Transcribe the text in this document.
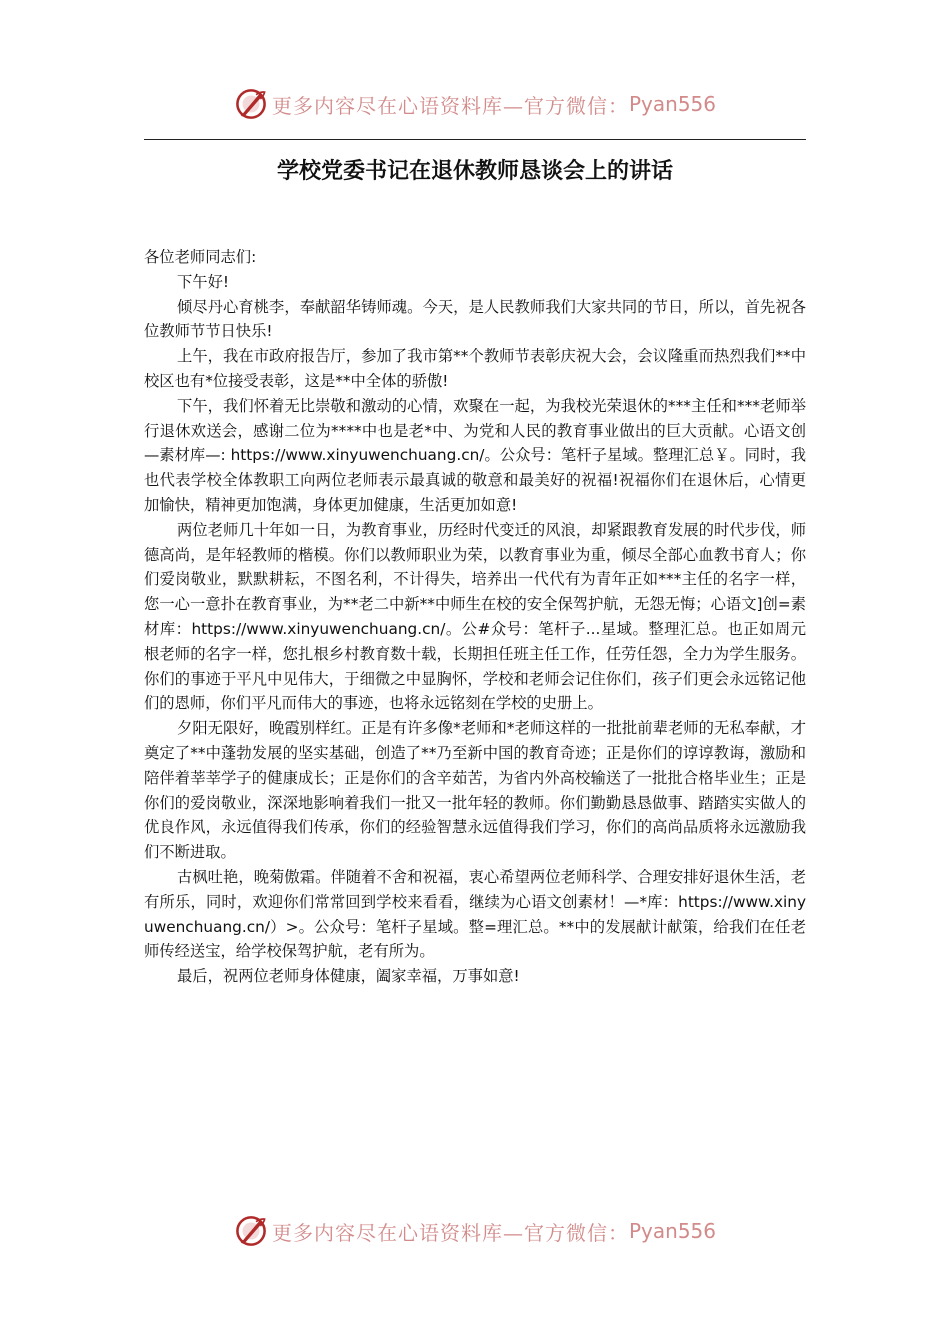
更多内容尽在心语资料库—官方微信： Pyan556
学校党委书记在退休教师恳谈会上的讲话

各位老师同志们:

下午好!

倾尽丹心育桃李，奉献韶华铸师魂。今天，是人民教师我们大家共同的节日，所以，首先祝各位教师节节日快乐!

上午，我在市政府报告厅，参加了我市第**个教师节表彰庆祝大会，会议隆重而热烈我们**中校区也有*位接受表彰，这是**中全体的骄傲!

下午，我们怀着无比崇敬和激动的心情，欢聚在一起，为我校光荣退休的***主任和***老师举行退休欢送会，感谢二位为****中也是老*中、为党和人民的教育事业做出的巨大贡献。心语文创—素材库—: https://www.xinyuwenchuang.cn/。公众号：笔杆子星域。整理汇总￥。同时，我也代表学校全体教职工向两位老师表示最真诚的敬意和最美好的祝福!祝福你们在退休后，心情更加愉快，精神更加饱满，身体更加健康，生活更加如意!

两位老师几十年如一日，为教育事业，历经时代变迁的风浪，却紧跟教育发展的时代步伐，师德高尚，是年轻教师的楷模。你们以教师职业为荣，以教育事业为重，倾尽全部心血教书育人；你们爱岗敬业，默默耕耘，不图名利，不计得失，培养出一代代有为青年正如***主任的名字一样，您一心一意扑在教育事业，为**老二中新**中师生在校的安全保驾护航，无怨无悔；心语文]创=素材库：https://www.xinyuwenchuang.cn/。公#众号：笔杆子...星域。整理汇总。也正如周元根老师的名字一样，您扎根乡村教育数十载，长期担任班主任工作，任劳任怨，全力为学生服务。你们的事迹于平凡中见伟大，于细微之中显胸怀，学校和老师会记住你们，孩子们更会永远铭记他们的恩师，你们平凡而伟大的事迹，也将永远铭刻在学校的史册上。

夕阳无限好，晚霞别样红。正是有许多像*老师和*老师这样的一批批前辈老师的无私奉献，才奠定了**中蓬勃发展的坚实基础，创造了**乃至新中国的教育奇迹；正是你们的谆谆教诲，激励和陪伴着莘莘学子的健康成长；正是你们的含辛茹苦，为省内外高校输送了一批批合格毕业生；正是你们的爱岗敬业，深深地影响着我们一批又一批年轻的教师。你们勤勤恳恳做事、踏踏实实做人的优良作风，永远值得我们传承，你们的经验智慧永远值得我们学习，你们的高尚品质将永远激励我们不断进取。

古枫吐艳，晚菊傲霜。伴随着不舍和祝福，衷心希望两位老师科学、合理安排好退休生活，老有所乐，同时，欢迎你们常常回到学校来看看，继续为心语文创素材！—*库：https://www.xinyuwenchuang.cn/）>。公众号：笔杆子星域。整=理汇总。**中的发展献计献策，给我们在任老师传经送宝，给学校保驾护航，老有所为。

最后，祝两位老师身体健康，阖家幸福，万事如意!

更多内容尽在心语资料库—官方微信： Pyan556
